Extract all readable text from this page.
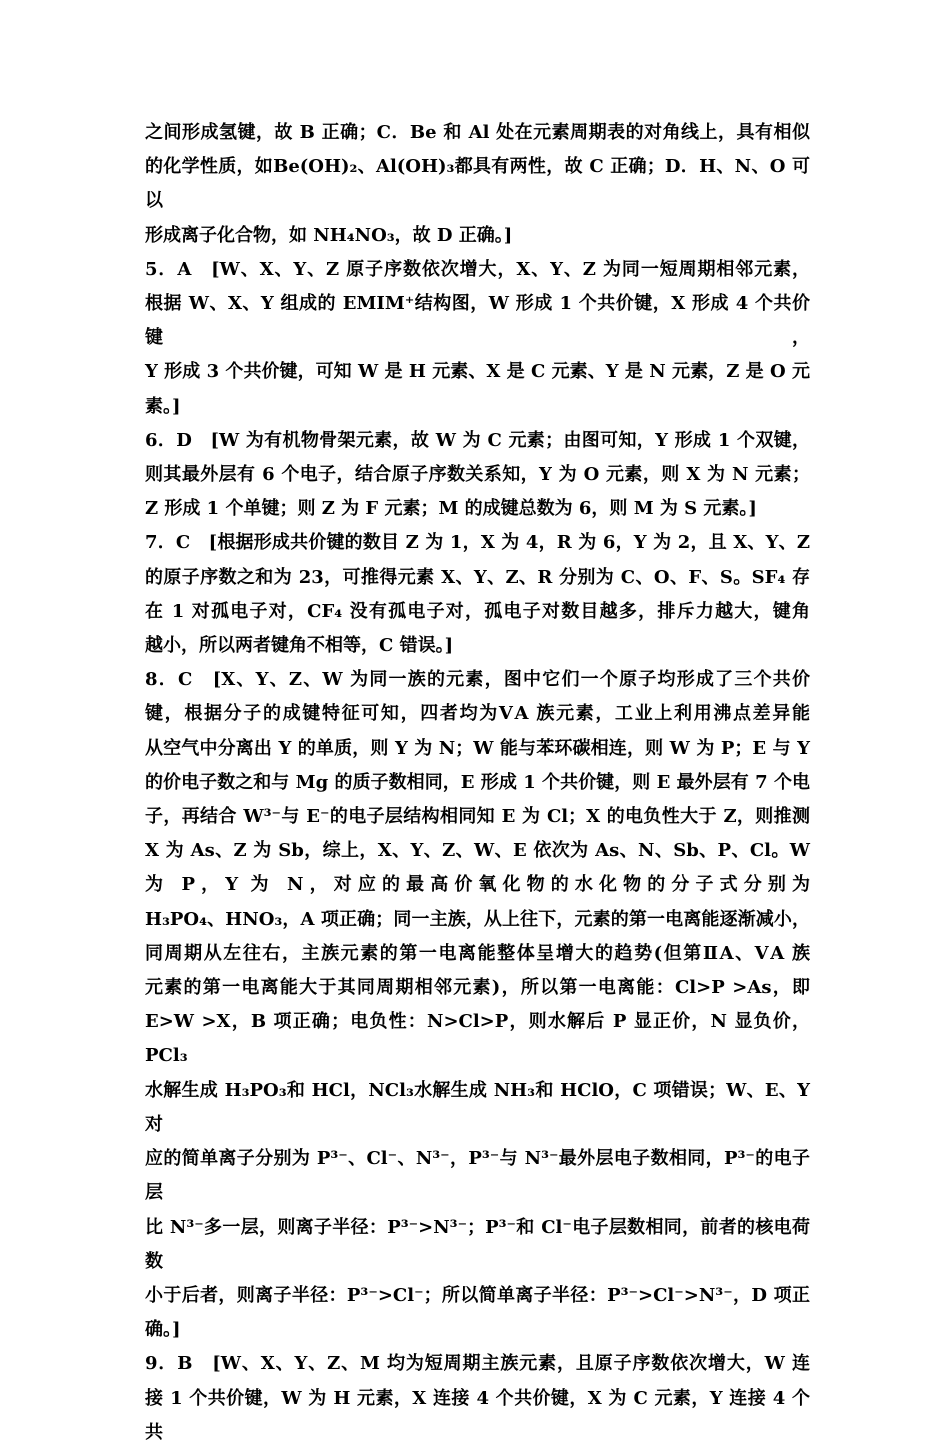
之间形成氢键，故 B 正确；C．Be 和 Al 处在元素周期表的对角线上，具有相似

的化学性质，如Be(OH)₂、Al(OH)₃都具有两性，故 C 正确；D．H、N、O 可以

形成离子化合物，如 NH₄NO₃，故 D 正确。]

5．A　[W、X、Y、Z 原子序数依次增大，X、Y、Z 为同一短周期相邻元素，

根据 W、X、Y 组成的 EMIM⁺结构图，W 形成 1 个共价键，X 形成 4 个共价键，

Y 形成 3 个共价键，可知 W 是 H 元素、X 是 C 元素、Y 是 N 元素，Z 是 O 元

素。]

6．D　[W 为有机物骨架元素，故 W 为 C 元素；由图可知，Y 形成 1 个双键，

则其最外层有 6 个电子，结合原子序数关系知，Y 为 O 元素，则 X 为 N 元素；

Z 形成 1 个单键；则 Z 为 F 元素；M 的成键总数为 6，则 M 为 S 元素。]

7．C　[根据形成共价键的数目 Z 为 1，X 为 4，R 为 6，Y 为 2，且 X、Y、Z

的原子序数之和为 23，可推得元素 X、Y、Z、R 分别为 C、O、F、S。SF₄ 存

在 1 对孤电子对，CF₄ 没有孤电子对，孤电子对数目越多，排斥力越大，键角

越小，所以两者键角不相等，C 错误。]

8．C　[X、Y、Z、W 为同一族的元素，图中它们一个原子均形成了三个共价

键，根据分子的成键特征可知，四者均为ⅤA 族元素，工业上利用沸点差异能

从空气中分离出 Y 的单质，则 Y 为 N；W 能与苯环碳相连，则 W 为 P；E 与 Y

的价电子数之和与 Mg 的质子数相同，E 形成 1 个共价键，则 E 最外层有 7 个电

子，再结合 W³⁻与 E⁻的电子层结构相同知 E 为 Cl；X 的电负性大于 Z，则推测

X 为 As、Z 为 Sb，综上，X、Y、Z、W、E 依次为 As、N、Sb、P、Cl。W

为 P，Y 为 N，对应的最高价氧化物的水化物的分子式分别为

H₃PO₄、HNO₃，A 项正确；同一主族，从上往下，元素的第一电离能逐渐减小，

同周期从左往右，主族元素的第一电离能整体呈增大的趋势(但第ⅡA、ⅤA 族

元素的第一电离能大于其同周期相邻元素)，所以第一电离能：Cl>P >As，即

E>W >X，B 项正确；电负性：N>Cl>P，则水解后 P 显正价，N 显负价，PCl₃

水解生成 H₃PO₃和 HCl，NCl₃水解生成 NH₃和 HClO，C 项错误；W、E、Y 对

应的简单离子分别为 P³⁻、Cl⁻、N³⁻，P³⁻与 N³⁻最外层电子数相同，P³⁻的电子层

比 N³⁻多一层，则离子半径：P³⁻>N³⁻；P³⁻和 Cl⁻电子层数相同，前者的核电荷数

小于后者，则离子半径：P³⁻>Cl⁻；所以简单离子半径：P³⁻>Cl⁻>N³⁻，D 项正

确。]

9．B　[W、X、Y、Z、M 均为短周期主族元素，且原子序数依次增大，W 连

接 1 个共价键，W 为 H 元素，X 连接 4 个共价键，X 为 C 元素，Y 连接 4 个共
